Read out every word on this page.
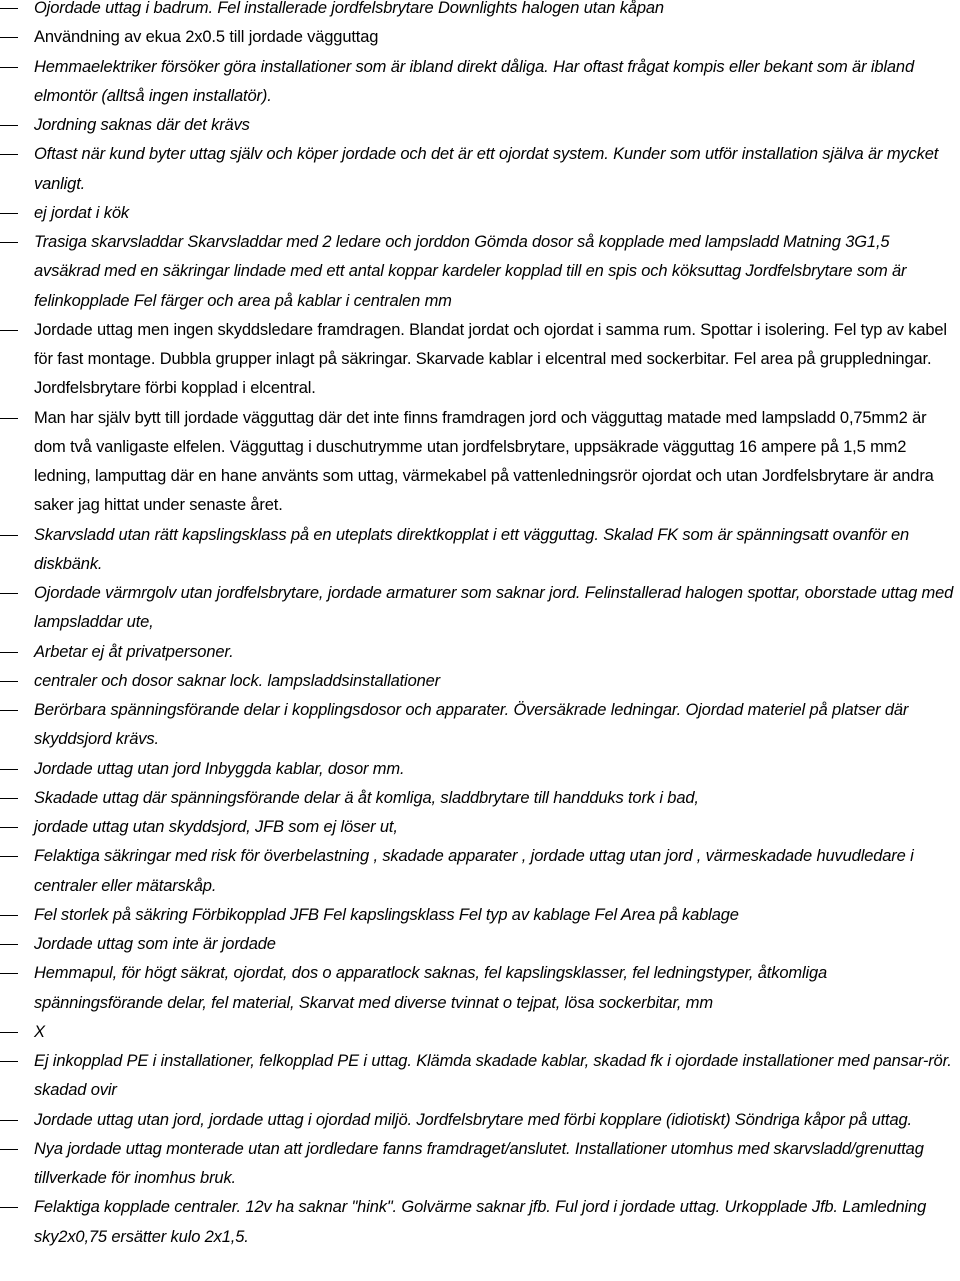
Ojordade uttag i badrum. Fel installerade jordfelsbrytare Downlights halogen utan kåpan
Användning av ekua 2x0.5 till jordade vägguttag
Hemmaelektriker försöker göra installationer som är ibland direkt dåliga. Har oftast frågat kompis eller bekant som är ibland elmontör (alltså ingen installatör).
Jordning saknas där det krävs
Oftast när kund byter uttag själv och köper jordade och det är ett ojordat system. Kunder som utför installation själva är mycket vanligt.
ej jordat i kök
Trasiga skarvsladdar Skarvsladdar med 2 ledare och jorddon Gömda dosor så kopplade med lampsladd Matning 3G1,5 avsäkrad med en säkringar lindade med ett antal koppar kardeler kopplad till en spis och köksuttag Jordfelsbrytare som är felinkopplade Fel färger och area på kablar i centralen mm
Jordade uttag men ingen skyddsledare framdragen. Blandat jordat och ojordat i samma rum. Spottar i isolering. Fel typ av kabel för fast montage. Dubbla grupper inlagt på säkringar. Skarvade kablar i elcentral med sockerbitar. Fel area på gruppledningar. Jordfelsbrytare förbi kopplad i elcentral.
Man har själv bytt till jordade vägguttag där det inte finns framdragen jord och vägguttag matade med lampsladd 0,75mm2 är dom två vanligaste elfelen. Vägguttag i duschutrymme utan jordfelsbrytare, uppsäkrade vägguttag 16 ampere på 1,5 mm2 ledning, lamputtag där en hane använts som uttag, värmekabel på vattenledningsrör ojordat och utan Jordfelsbrytare är andra saker jag hittat under senaste året.
Skarvsladd utan rätt kapslingsklass på en uteplats direktkopplat i ett vägguttag. Skalad FK som är spänningsatt ovanför en diskbänk.
Ojordade värmrgolv utan jordfelsbrytare, jordade armaturer som saknar jord. Felinstallerad halogen spottar, oborstade uttag med lampsladdar ute,
Arbetar ej åt privatpersoner.
centraler och dosor saknar lock. lampsladdsinstallationer
Berörbara spänningsförande delar i kopplingsdosor och apparater. Översäkrade ledningar. Ojordad materiel på platser där skyddsjord krävs.
Jordade uttag utan jord Inbyggda kablar, dosor mm.
Skadade uttag där spänningsförande delar ä åt komliga, sladdbrytare till handduks tork i bad,
jordade uttag utan skyddsjord, JFB som ej löser ut,
Felaktiga säkringar med risk för överbelastning , skadade apparater , jordade uttag utan jord , värmeskadade huvudledare i centraler eller mätarskåp.
Fel storlek på säkring Förbikopplad JFB Fel kapslingsklass Fel typ av kablage Fel Area på kablage
Jordade uttag som inte är jordade
Hemmapul, för högt säkrat, ojordat, dos o apparatlock saknas, fel kapslingsklasser, fel ledningstyper, åtkomliga spänningsförande delar, fel material, Skarvat med diverse tvinnat o tejpat, lösa sockerbitar, mm
X
Ej inkopplad PE i installationer, felkopplad PE i uttag. Klämda skadade kablar, skadad fk i ojordade installationer med pansar-rör. skadad ovir
Jordade uttag utan jord, jordade uttag i ojordad miljö. Jordfelsbrytare med förbi kopplare (idiotiskt) Söndriga kåpor på uttag.
Nya jordade uttag monterade utan att jordledare fanns framdraget/anslutet. Installationer utomhus med skarvsladd/grenuttag tillverkade för inomhus bruk.
Felaktiga kopplade centraler. 12v ha saknar "hink". Golvärme saknar jfb. Ful jord i jordade uttag. Urkopplade Jfb. Lamledning sky2x0,75 ersätter kulo 2x1,5.
